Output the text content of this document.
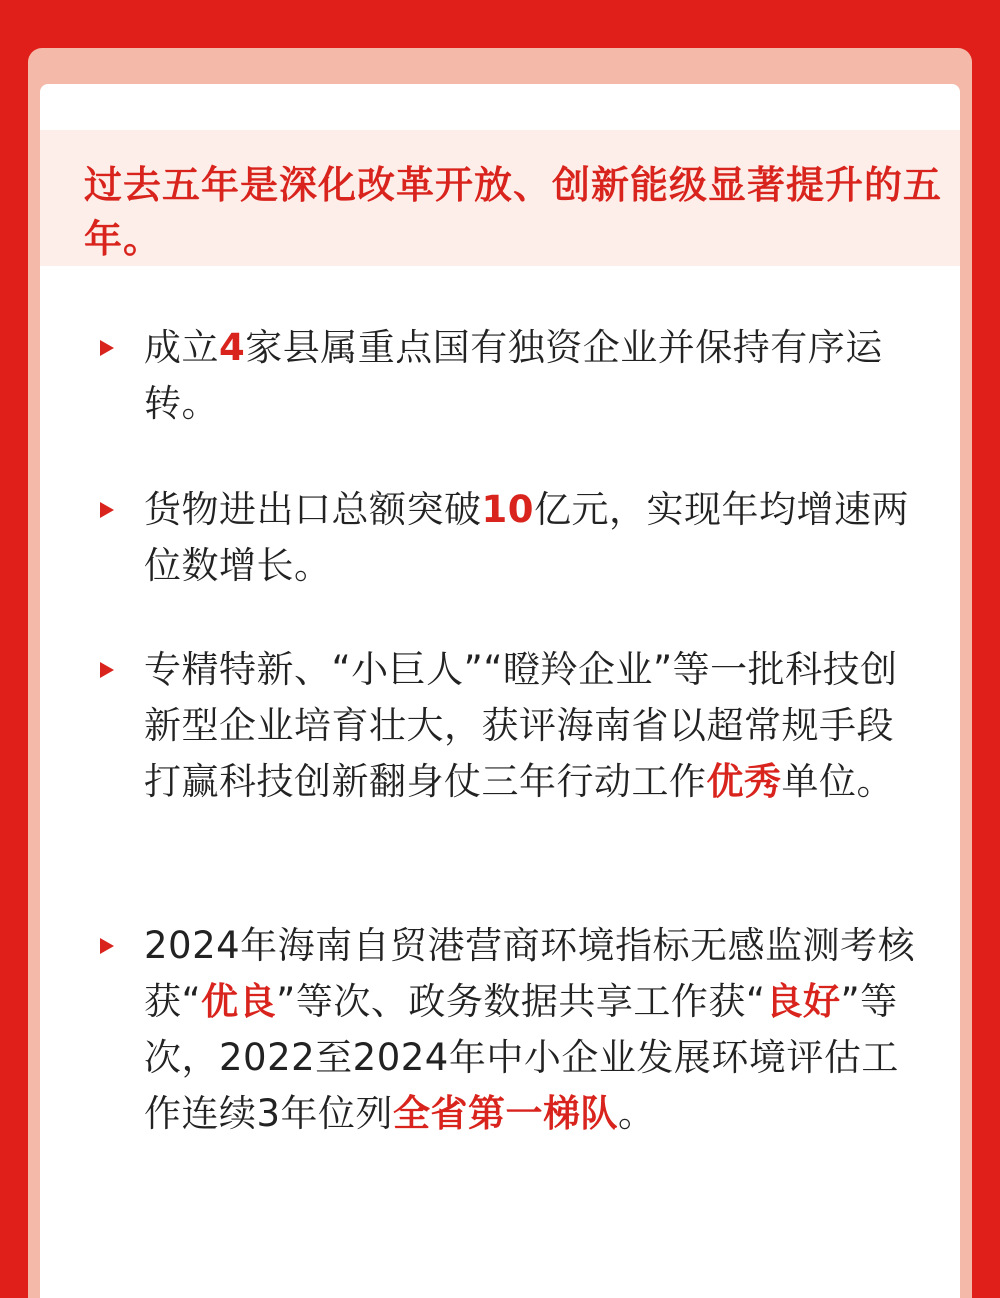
过去五年是深化改革开放、创新能级显著提升的五年。

成立4家县属重点国有独资企业并保持有序运转。

货物进出口总额突破10亿元，实现年均增速两位数增长。

专精特新、“小巨人”“瞪羚企业”等一批科技创新型企业培育壮大，获评海南省以超常规手段打赢科技创新翻身仗三年行动工作优秀单位。

2024年海南自贸港营商环境指标无感监测考核获“优良”等次、政务数据共享工作获“良好”等次，2022至2024年中小企业发展环境评估工作连续3年位列全省第一梯队。
